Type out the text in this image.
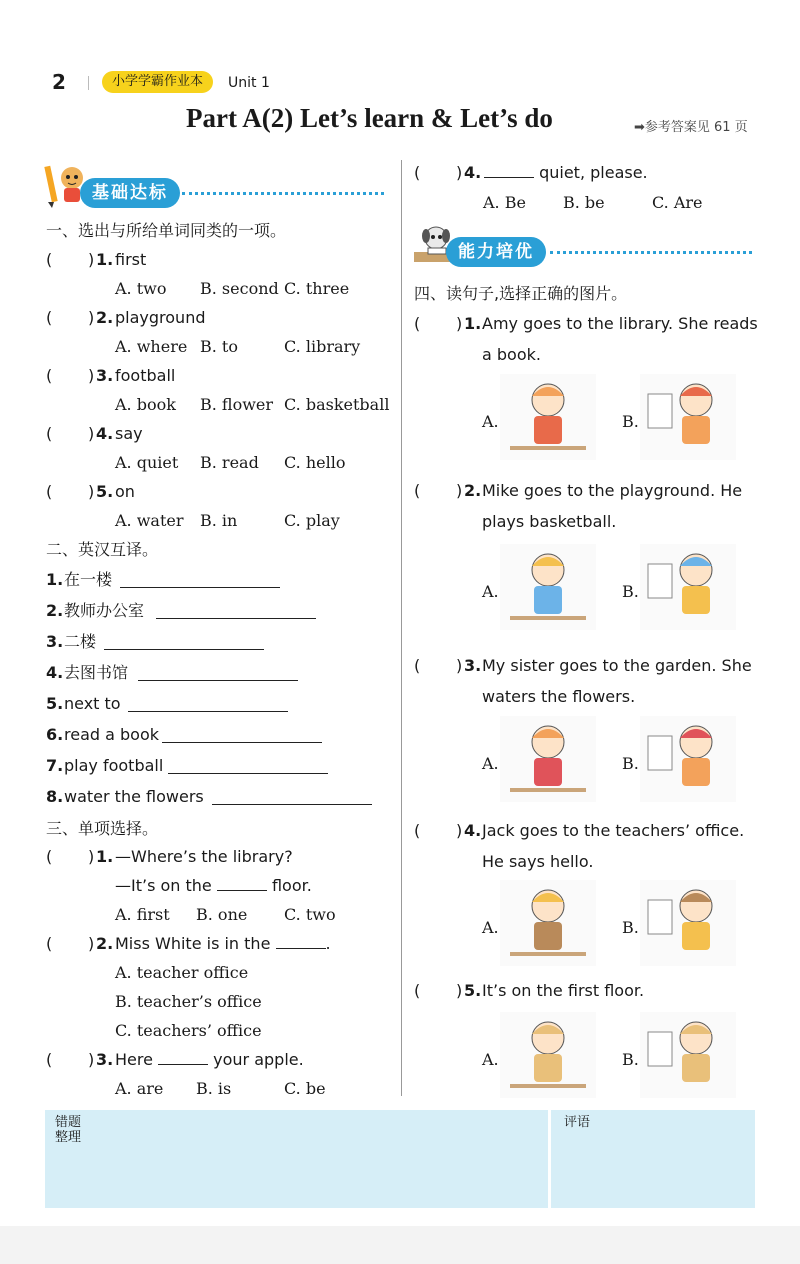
2	小学学霸作业本	Unit 1
Part A(2) Let’s learn & Let’s do	➡参考答案见 61 页
基础达标
一、选出与所给单词同类的一项。
( ) 1. first
A. two B. second C. three
( ) 2. playground
A. where B. to	C. library
( ) 3. football
A. book B. flower C. basketball
( ) 4. say
A. quiet B. read C. hello
( ) 5. on
A. water B. in	C. play
二、英汉互译。
1. 在一楼
2. 教师办公室
3. 二楼
4. 去图书馆
5. next to
6. read a book
7. play football
8. water the flowers
三、单项选择。
( ) 1. —Where’s the library?
—It’s on the	floor.
A. first B. one C. two
( ) 2. Miss White is in the	.
A. teacher office
B. teacher’s office
C. teachers’ office
( ) 3. Here	your apple.
A. are B. is	C. be
( ) 4.	quiet, please.
A. Be B. be	C. Are
能力培优
四、读句子,选择正确的图片。
( ) 1. Amy goes to the library. She reads
a book.
A.	B.
( ) 2. Mike goes to the playground. He
plays basketball.
A.	B.
( ) 3. My sister goes to the garden. She
waters the flowers.
A.	B.
( ) 4. Jack goes to the teachers’ office.
He says hello.
A.	B.
( ) 5. It’s on the first floor.
A.	B.
错题
整理
评语
